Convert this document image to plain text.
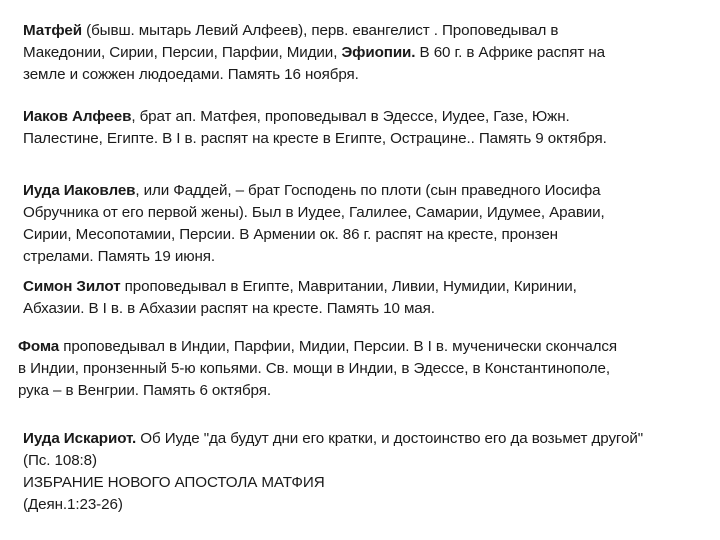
Матфей (бывш. мытарь Левий Алфеев), перв. евангелист . Проповедывал в
Македонии, Сирии, Персии, Парфии, Мидии, Эфиопии. В 60 г. в Африке распят на
земле и сожжен людоедами. Память 16 ноября.
Иаков Алфеев, брат ап. Матфея, проповедывал в Эдессе, Иудее, Газе, Южн.
Палестине, Египте. В I в. распят на кресте в Египте, Острацине.. Память 9 октября.
Иуда Иаковлев, или Фаддей, – брат Господень по плоти (сын праведного Иосифа
Обручника от его первой жены). Был в Иудее, Галилее, Самарии, Идумее, Аравии,
Сирии, Месопотамии, Персии. В Армении ок. 86 г. распят на кресте, пронзен
стрелами. Память 19 июня.
Симон Зилот проповедывал в Египте, Мавритании, Ливии, Нумидии, Киринии,
Абхазии. В I в. в Абхазии распят на кресте. Память 10 мая.
Фома проповедывал в Индии, Парфии, Мидии, Персии. В I в. мученически скончался
в Индии, пронзенный 5-ю копьями. Св. мощи в Индии, в Эдессе, в Константинополе,
рука – в Венгрии. Память 6 октября.
Иуда Искариот. Об Иуде "да будут дни его кратки, и достоинство его да возьмет другой"
(Пс. 108:8)
ИЗБРАНИЕ НОВОГО АПОСТОЛА МАТФИЯ
(Деян.1:23-26)
